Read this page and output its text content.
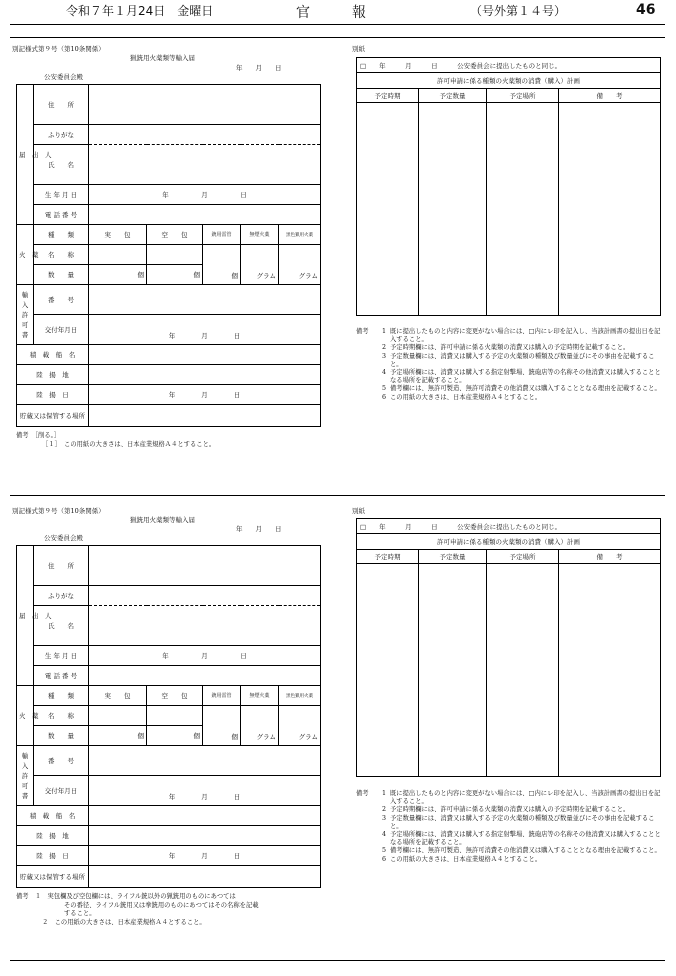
令和７年１月24日　金曜日	官　　　報	（号外第１４号）	46
別記様式第９号（第10条関係）
猟銃用火薬類等輸入届
年　　月　　日
公安委員会殿
届　出　人	住　　所					
	ふりがな					
	氏　　名					
	生 年 月 日	年　　　　　月　　　　　日				
	電 話 番 号					

火　薬	種　　類	実　　包	空　　包	銃用雷管	無煙火薬	黒色猟用火薬
	名　　称			個	グラム	グラム
	数　　量	個	個			

輸入許可書	番　　号					
	交付年月日	年　　　　月　　　　日				
積　載　船　名						
陸　揚　地						
陸　揚　日		年　　　　月　　　　日				
貯蔵又は保管する場所						
備考　［削る。］
［１］　この用紙の大きさは、日本産業規格Ａ４とすること。
別紙
□　　年　　　月　　　日　　　公安委員会に提出したものと同じ。			
許可申請に係る種類の火薬類の消費（購入）計画			
予定時期	予定数量	予定場所	備　　考

備考	1 既に提出したものと内容に変更がない場合には、□内にレ印を記入し、当該計画書の提出日を記入すること。
2 予定時期欄には、許可申請に係る火薬類の消費又は購入の予定時期を記載すること。
3 予定数量欄には、消費又は購入する予定の火薬類の種類及び数量並びにその事由を記載すること。
4 予定場所欄には、消費又は購入する指定射撃場、銃砲店等の名称その他消費又は購入することとなる場所を記載すること。
5 備考欄には、無許可製造、無許可消費その他消費又は購入することとなる理由を記載すること。
6 この用紙の大きさは、日本産業規格Ａ４とすること。
別記様式第９号（第10条関係）
猟銃用火薬類等輸入届
年　　月　　日
公安委員会殿
届　出　人	住　　所					
	ふりがな					
	氏　　名					
	生 年 月 日	年　　　　　月　　　　　日				
	電 話 番 号					

火　薬	種　　類	実　　包	空　　包	銃用雷管	無煙火薬	黒色猟用火薬
	名　　称			個	グラム	グラム
	数　　量	個	個			

輸入許可書	番　　号					
	交付年月日	年　　　　月　　　　日				
積　載　船　名						
陸　揚　地						
陸　揚　日		年　　　　月　　　　日				
貯蔵又は保管する場所						
備考　１　実包欄及び空包欄には、ライフル銃以外の猟銃用のものにあつては
その番径、ライフル銃用又は拳銃用のものにあつてはその名称を記載
すること。
２　この用紙の大きさは、日本産業規格Ａ４とすること。
別紙
□　　年　　　月　　　日　　　公安委員会に提出したものと同じ。			
許可申請に係る種類の火薬類の消費（購入）計画			
予定時期	予定数量	予定場所	備　　考

備考	1 既に提出したものと内容に変更がない場合には、□内にレ印を記入し、当該計画書の提出日を記入すること。
2 予定時期欄には、許可申請に係る火薬類の消費又は購入の予定時期を記載すること。
3 予定数量欄には、消費又は購入する予定の火薬類の種類及び数量並びにその事由を記載すること。
4 予定場所欄には、消費又は購入する指定射撃場、銃砲店等の名称その他消費又は購入することとなる場所を記載すること。
5 備考欄には、無許可製造、無許可消費その他消費又は購入することとなる理由を記載すること。
6 この用紙の大きさは、日本産業規格Ａ４とすること。
